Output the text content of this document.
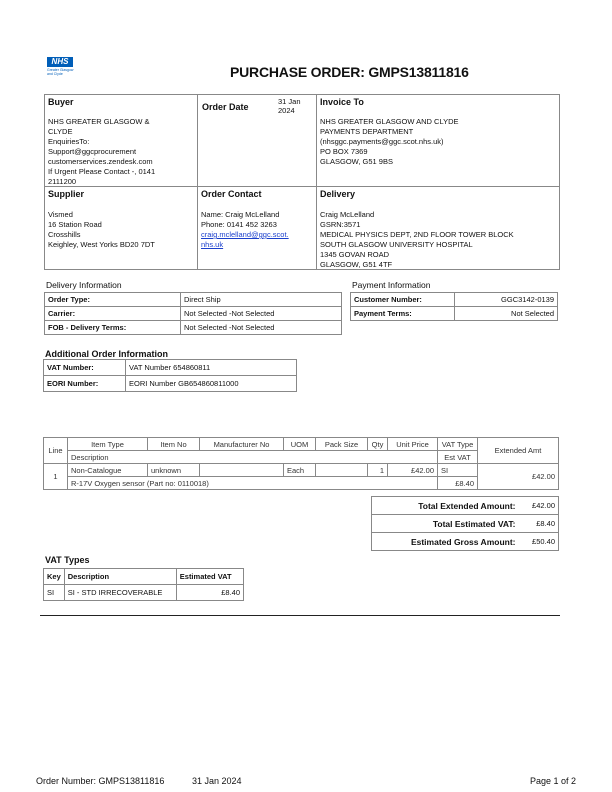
NHS
Greater Glasgow and Clyde	PURCHASE ORDER: GMPS13811816
Buyer
NHS GREATER GLASGOW &
CLYDE
EnquiriesTo:
Support@ggcprocurement
customerservices.zendesk.com
If Urgent Please Contact -, 0141
2111200
Order Date
31 Jan
2024
Invoice To
NHS GREATER GLASGOW AND CLYDE
PAYMENTS DEPARTMENT
(nhsggc.payments@ggc.scot.nhs.uk)
PO BOX 7369
GLASGOW, G51 9BS
Supplier
Vismed
16 Station Road
Crosshills
Keighley, West Yorks BD20 7DT
Order Contact
Name: Craig McLelland
Phone: 0141 452 3263
craig.mclelland@ggc.scot.
nhs.uk
Delivery
Craig McLelland
GSRN:3571
MEDICAL PHYSICS DEPT, 2ND FLOOR TOWER BLOCK
SOUTH GLASGOW UNIVERSITY HOSPITAL
1345 GOVAN ROAD
GLASGOW, G51 4TF
Delivery Information
Order Type:	Direct Ship
Carrier:	Not Selected -Not Selected
FOB - Delivery Terms:	Not Selected -Not Selected
Payment Information
Customer Number:	GGC3142-0139
Payment Terms:	Not Selected
Additional Order Information
VAT Number:	VAT Number 654860811
EORI Number:	EORI Number GB654860811000
Line	Item Type	Item No	Manufacturer No	UOM	Pack Size	Qty	Unit Price	VAT Type	Extended Amt
	Description							Est VAT	
1	Non-Catalogue	unknown		Each		1	£42.00	SI	£42.00
	R-17V Oxygen sensor (Part no: 0110018)							£8.40	
Total Extended Amount:	£42.00
Total Estimated VAT:	£8.40
Estimated Gross Amount:	£50.40
VAT Types
Key	Description	Estimated VAT
SI	SI - STD IRRECOVERABLE	£8.40
Order Number: GMPS13811816	31 Jan 2024	Page 1 of 2
